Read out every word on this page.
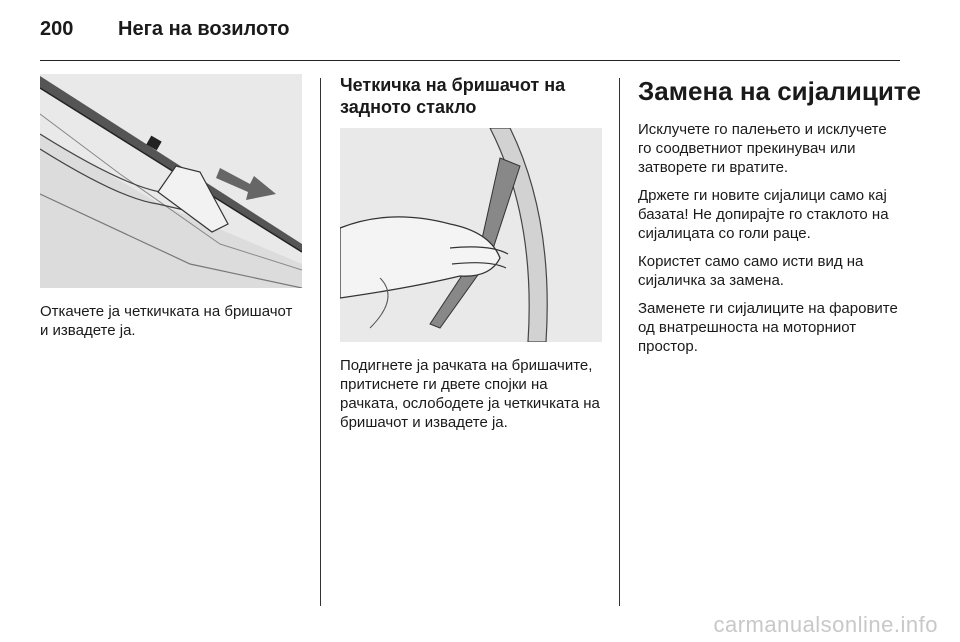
200 Нега на возилото

Откачете ја четкичката на бришачот и извадете ја.

Четкичка на бришачот на задното стакло

Подигнете ја рачката на бришачите, притиснете ги двете спојки на рачката, ослободете ја четкичката на бришачот и извадете ја.

Замена на сијалиците

Исклучете го палењето и исклучете го соодветниот прекинувач или затворете ги вратите.

Држете ги новите сијалици само кај базата! Не допирајте го стаклото на сијалицата со голи раце.

Користет само само исти вид на сијаличка за замена.

Заменете ги сијалиците на фаровите од внатрешноста на моторниот простор.

carmanualsonline.info
